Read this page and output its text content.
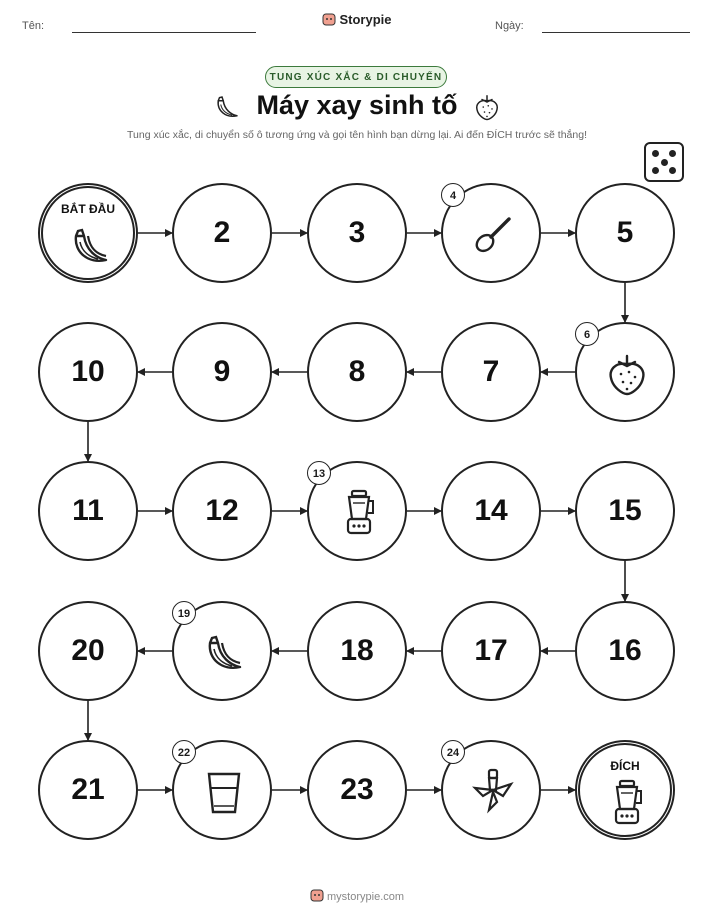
Tên:	Storypie	Ngày:
TUNG XÚC XẮC & DI CHUYỂN
Máy xay sinh tố
Tung xúc xắc, di chuyển số ô tương ứng và gọi tên hình bạn dừng lại. Ai đến ĐÍCH trước sẽ thắng!
BẮT ĐẦU
2	3
4
5
6
7
8
9
10
11	12
13
14	15
16
17
18
19
20
21
22
23
24
ĐÍCH
mystorypie.com
